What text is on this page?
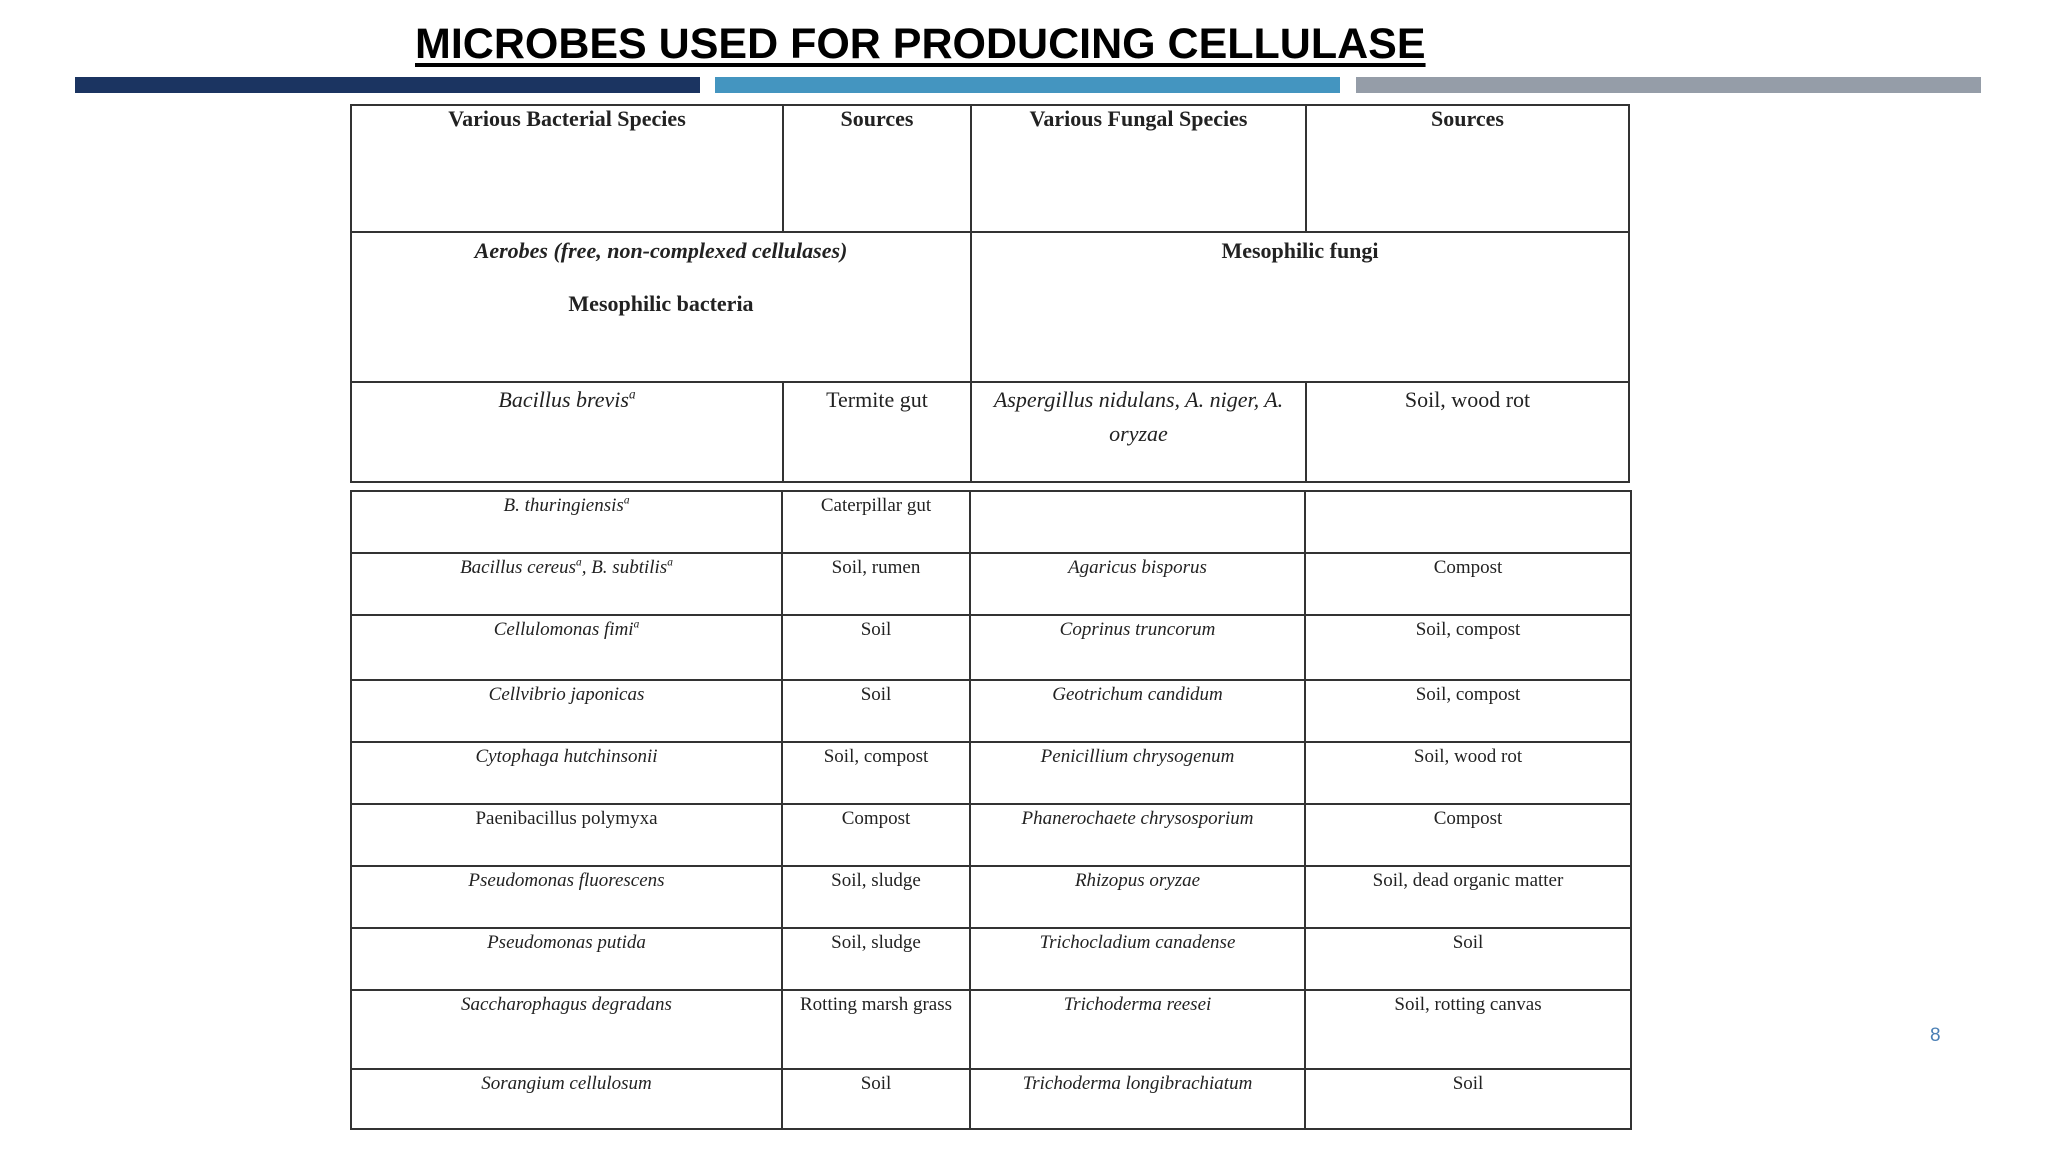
MICROBES USED FOR PRODUCING CELLULASE
Various Bacterial Species	Sources	Various Fungal Species	Sources
Aerobes (free, non-complexed cellulases)
Mesophilic bacteria		Mesophilic fungi	
Bacillus brevis$^a$	Termite gut	Aspergillus nidulans, A. niger, A. oryzae	Soil, wood rot
B. thuringiensis$^a$	Caterpillar gut		
Bacillus cereus$^a$, B. subtilis$^a$	Soil, rumen	Agaricus bisporus	Compost
Cellulomonas fimi$^a$	Soil	Coprinus truncorum	Soil, compost
Cellvibrio japonicas	Soil	Geotrichum candidum	Soil, compost
Cytophaga hutchinsonii	Soil, compost	Penicillium chrysogenum	Soil, wood rot
Paenibacillus polymyxa	Compost	Phanerochaete chrysosporium	Compost
Pseudomonas fluorescens	Soil, sludge	Rhizopus oryzae	Soil, dead organic matter
Pseudomonas putida	Soil, sludge	Trichocladium canadense	Soil
Saccharophagus degradans	Rotting marsh grass	Trichoderma reesei	Soil, rotting canvas
Sorangium cellulosum	Soil	Trichoderma longibrachiatum	Soil
8
